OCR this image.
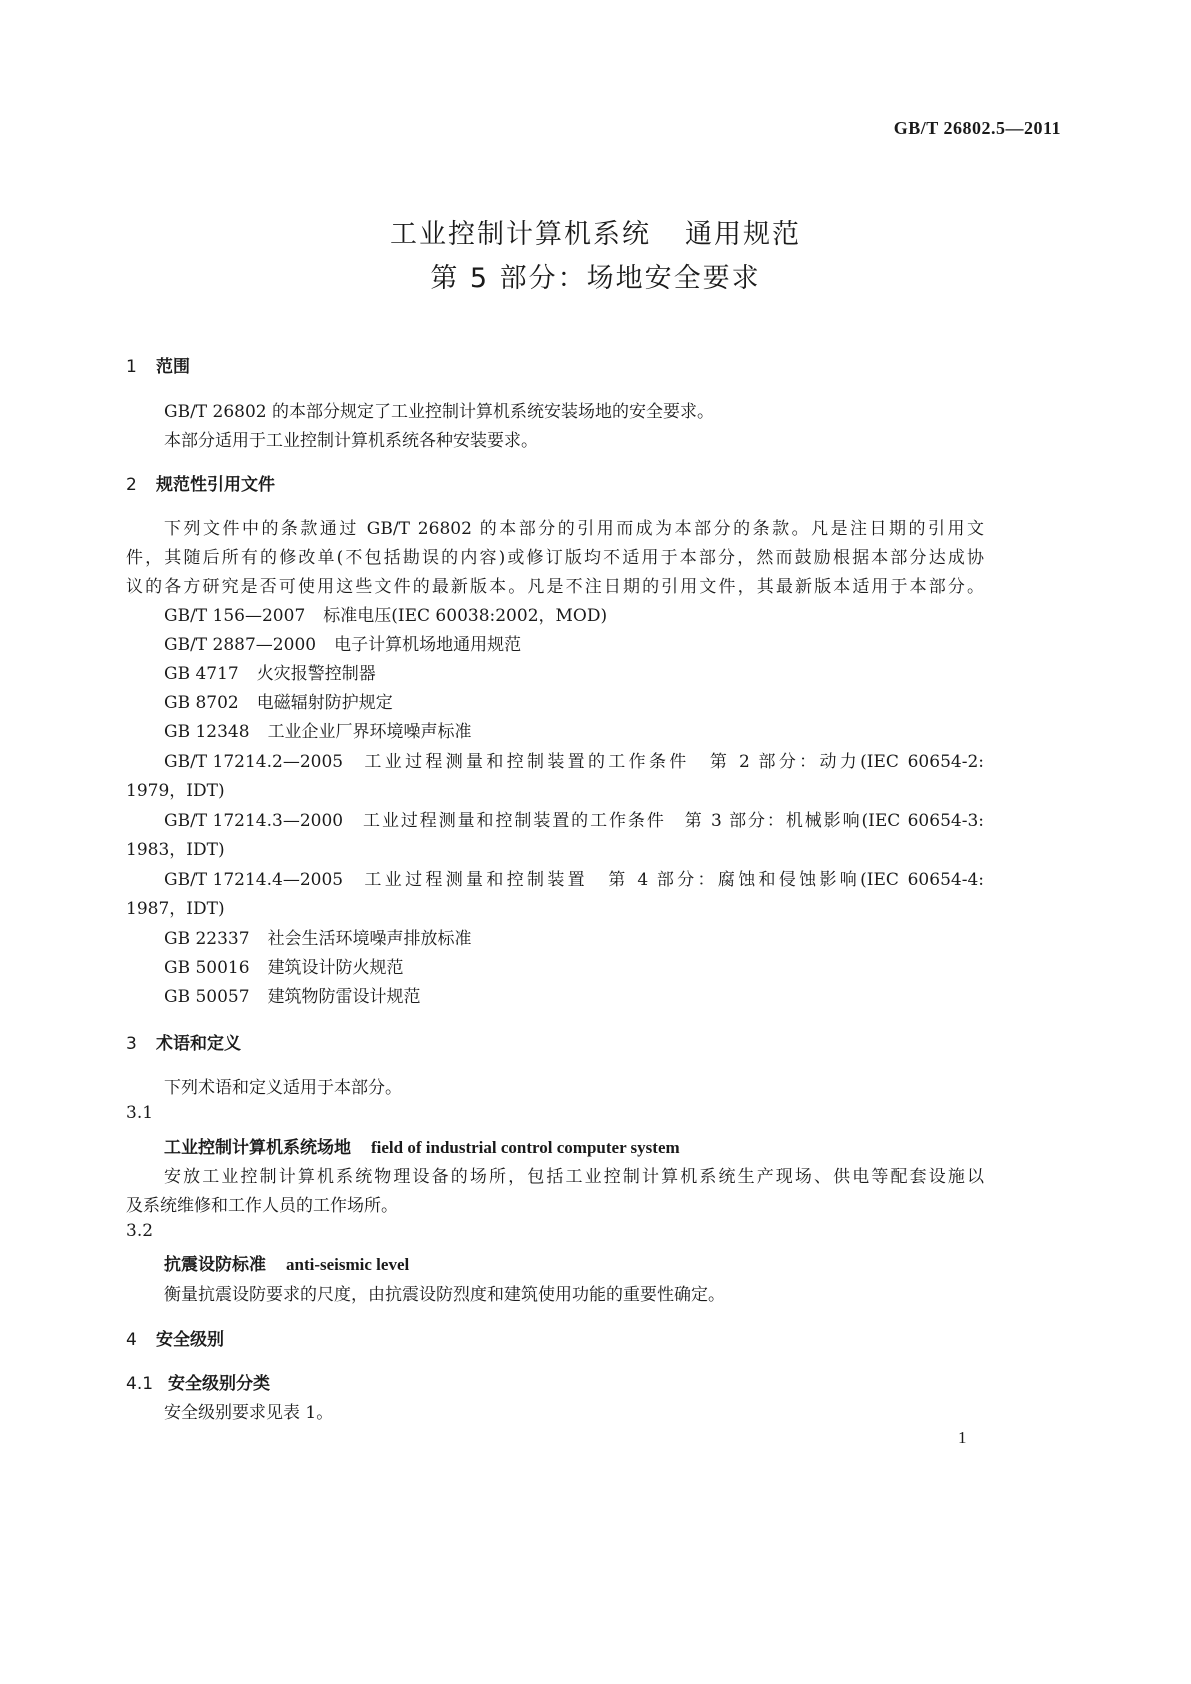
GB/T 26802.5—2011
工业控制计算机系统 通用规范
第 5 部分：场地安全要求
1 范围
GB/T 26802 的本部分规定了工业控制计算机系统安装场地的安全要求。
本部分适用于工业控制计算机系统各种安装要求。
2 规范性引用文件
下列文件中的条款通过 GB/T 26802 的本部分的引用而成为本部分的条款。凡是注日期的引用文
件，其随后所有的修改单(不包括勘误的内容)或修订版均不适用于本部分，然而鼓励根据本部分达成协
议的各方研究是否可使用这些文件的最新版本。凡是不注日期的引用文件，其最新版本适用于本部分。
GB/T 156—2007 标准电压(IEC 60038:2002，MOD)
GB/T 2887—2000 电子计算机场地通用规范
GB 4717 火灾报警控制器
GB 8702 电磁辐射防护规定
GB 12348 工业企业厂界环境噪声标准
GB/T 17214.2—2005 工业过程测量和控制装置的工作条件　第 2 部分：动力(IEC 60654-2:
1979，IDT)
GB/T 17214.3—2000 工业过程测量和控制装置的工作条件　第 3 部分：机械影响(IEC 60654-3:
1983，IDT)
GB/T 17214.4—2005 工业过程测量和控制装置　第 4 部分：腐蚀和侵蚀影响(IEC 60654-4:
1987，IDT)
GB 22337 社会生活环境噪声排放标准
GB 50016 建筑设计防火规范
GB 50057 建筑物防雷设计规范
3 术语和定义
下列术语和定义适用于本部分。
3.1
工业控制计算机系统场地 field of industrial control computer system
安放工业控制计算机系统物理设备的场所，包括工业控制计算机系统生产现场、供电等配套设施以
及系统维修和工作人员的工作场所。
3.2
抗震设防标准 anti-seismic level
衡量抗震设防要求的尺度，由抗震设防烈度和建筑使用功能的重要性确定。
4 安全级别
4.1 安全级别分类
安全级别要求见表 1。
1
